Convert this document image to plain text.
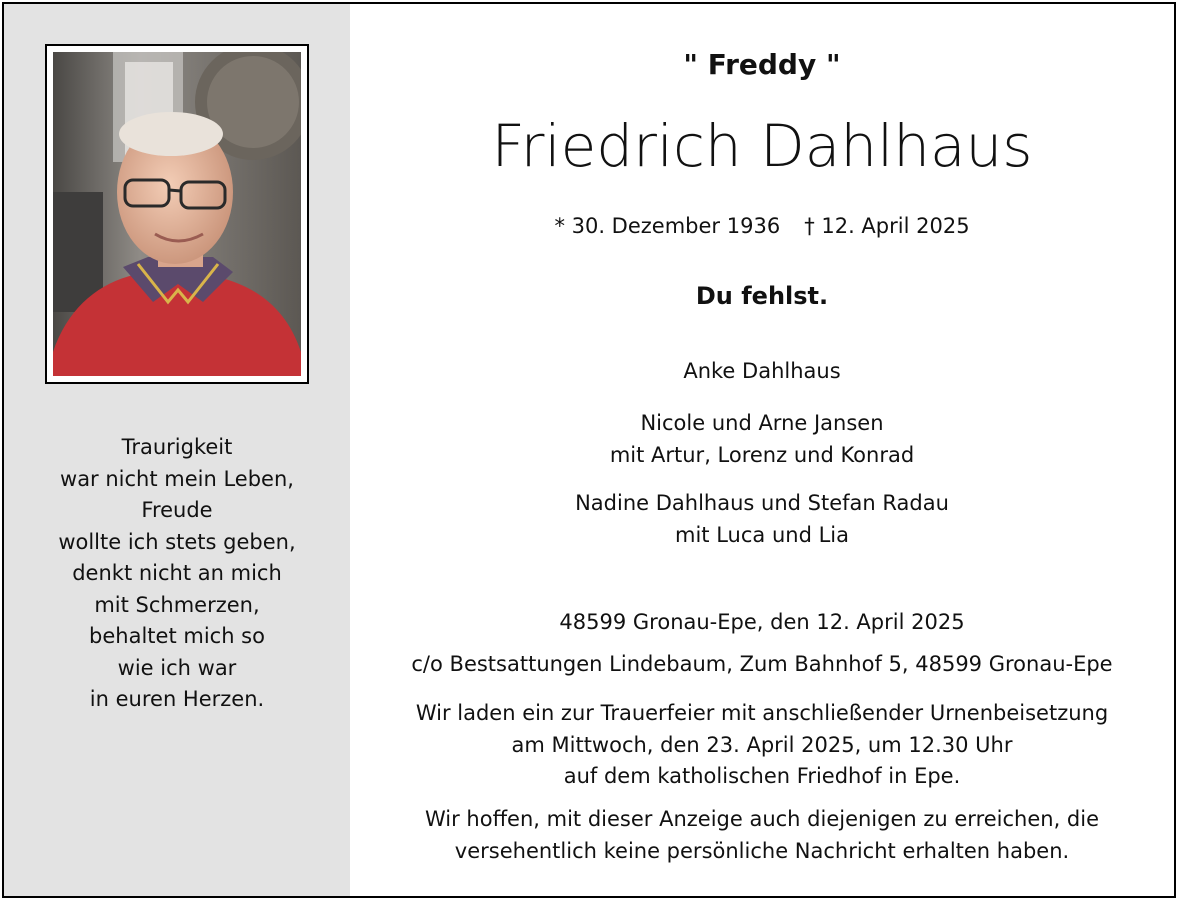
Traurigkeit
war nicht mein Leben,
Freude
wollte ich stets geben,
denkt nicht an mich
mit Schmerzen,
behaltet mich so
wie ich war
in euren Herzen.
" Freddy "
Friedrich Dahlhaus
* 30. Dezember 1936 † 12. April 2025
Du fehlst.
Anke Dahlhaus
Nicole und Arne Jansen
mit Artur, Lorenz und Konrad
Nadine Dahlhaus und Stefan Radau
mit Luca und Lia
48599 Gronau-Epe, den 12. April 2025
c/o Bestsattungen Lindebaum, Zum Bahnhof 5, 48599 Gronau-Epe
Wir laden ein zur Trauerfeier mit anschließender Urnenbeisetzung
am Mittwoch, den 23. April 2025, um 12.30 Uhr
auf dem katholischen Friedhof in Epe.
Wir hoffen, mit dieser Anzeige auch diejenigen zu erreichen, die
versehentlich keine persönliche Nachricht erhalten haben.
